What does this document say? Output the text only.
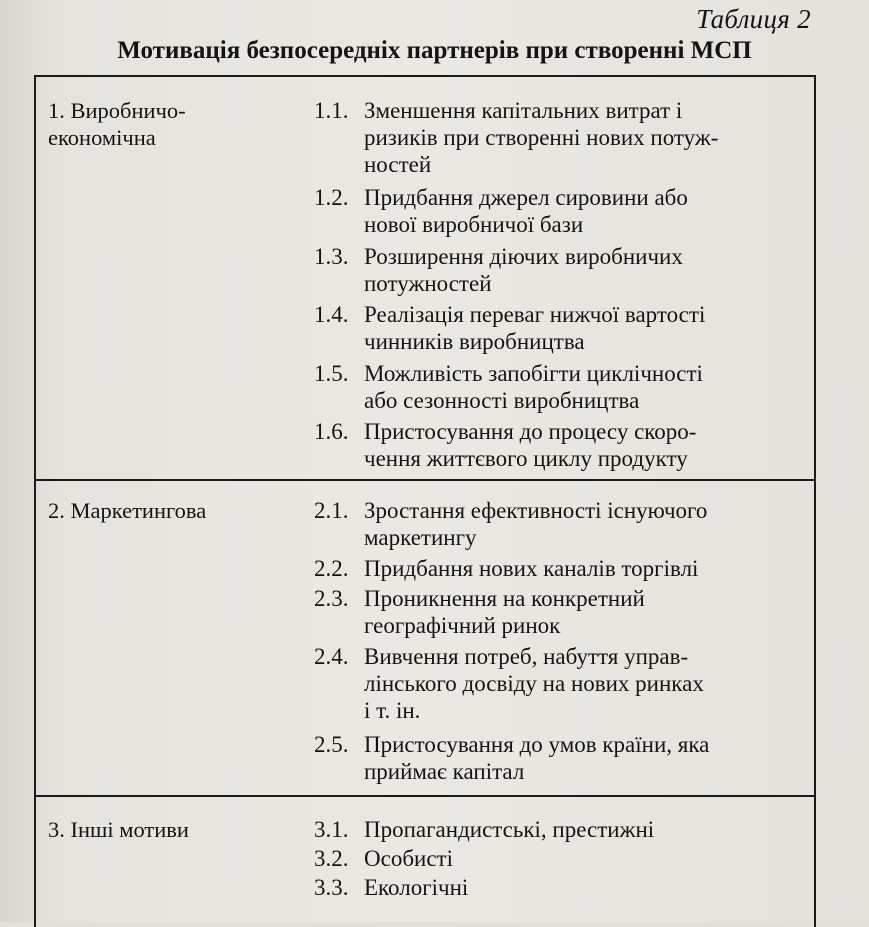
Таблиця 2
Мотивація безпосередніх партнерів при створенні МСП
1. Виробничо-
економічна
1.1. Зменшення капітальних витрат і
ризиків при створенні нових потуж-
ностей
1.2. Придбання джерел сировини або
нової виробничої бази
1.3. Розширення діючих виробничих
потужностей
1.4. Реалізація переваг нижчої вартості
чинників виробництва
1.5. Можливість запобігти циклічності
або сезонності виробництва
1.6. Пристосування до процесу скоро-
чення життєвого циклу продукту
2. Маркетингова	2.1. Зростання ефективності існуючого
маркетингу
2.2. Придбання нових каналів торгівлі
2.3. Проникнення на конкретний
географічний ринок
2.4. Вивчення потреб, набуття управ-
лінського досвіду на нових ринках
і т. ін.
2.5. Пристосування до умов країни, яка
приймає капітал
3. Інші мотиви	3.1. Пропагандистські, престижні
3.2. Особисті
3.3. Екологічні
